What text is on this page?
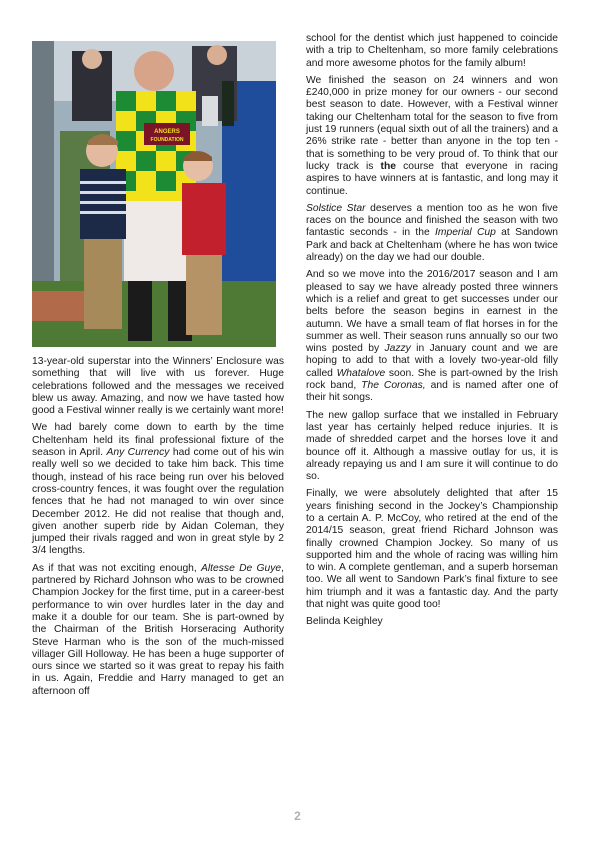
ANGERS
FOUNDATION

13-year-old superstar into the Winners’ Enclosure was something that will live with us forever. Huge celebrations followed and the messages we received blew us away. Amazing, and now we have tasted how good a Festival winner really is we certainly want more!

We had barely come down to earth by the time Cheltenham held its final professional fixture of the season in April. Any Currency had come out of his win really well so we decided to take him back. This time though, instead of his race being run over his beloved cross-country fences, it was fought over the regulation fences that he had not managed to win over since December 2012. He did not realise that though and, given another superb ride by Aidan Coleman, they jumped their rivals ragged and won in great style by 2 3/4 lengths.

As if that was not exciting enough, Altesse De Guye, partnered by Richard Johnson who was to be crowned Champion Jockey for the first time, put in a career-best performance to win over hurdles later in the day and make it a double for our team. She is part-owned by the Chairman of the British Horseracing Authority Steve Harman who is the son of the much-missed villager Gill Holloway. He has been a huge supporter of ours since we started so it was great to repay his faith in us. Again, Freddie and Harry managed to get an afternoon off

school for the dentist which just happened to coincide with a trip to Cheltenham, so more family celebrations and more awesome photos for the family album!

We finished the season on 24 winners and won £240,000 in prize money for our owners - our second best season to date. However, with a Festival winner taking our Cheltenham total for the season to five from just 19 runners (equal sixth out of all the trainers) and a 26% strike rate - better than anyone in the top ten - that is something to be very proud of. To think that our lucky track is the course that everyone in racing aspires to have winners at is fantastic, and long may it continue.

Solstice Star deserves a mention too as he won five races on the bounce and finished the season with two fantastic seconds - in the Imperial Cup at Sandown Park and back at Cheltenham (where he has won twice already) on the day we had our double.

And so we move into the 2016/2017 season and I am pleased to say we have already posted three winners which is a relief and great to get successes under our belts before the season begins in earnest in the autumn. We have a small team of flat horses in for the summer as well. Their season runs annually so our two wins posted by Jazzy in January count and we are hoping to add to that with a lovely two-year-old filly called Whatalove soon. She is part-owned by the Irish rock band, The Coronas, and is named after one of their hit songs.

The new gallop surface that we installed in February last year has certainly helped reduce injuries. It is made of shredded carpet and the horses love it and bounce off it. Although a massive outlay for us, it is already repaying us and I am sure it will continue to do so.

Finally, we were absolutely delighted that after 15 years finishing second in the Jockey’s Championship to a certain A. P. McCoy, who retired at the end of the 2014/15 season, great friend Richard Johnson was finally crowned Champion Jockey. So many of us supported him and the whole of racing was willing him to win. A complete gentleman, and a superb horseman too. We all went to Sandown Park’s final fixture to see him triumph and it was a fantastic day. And the party that night was quite good too!

Belinda Keighley

2
